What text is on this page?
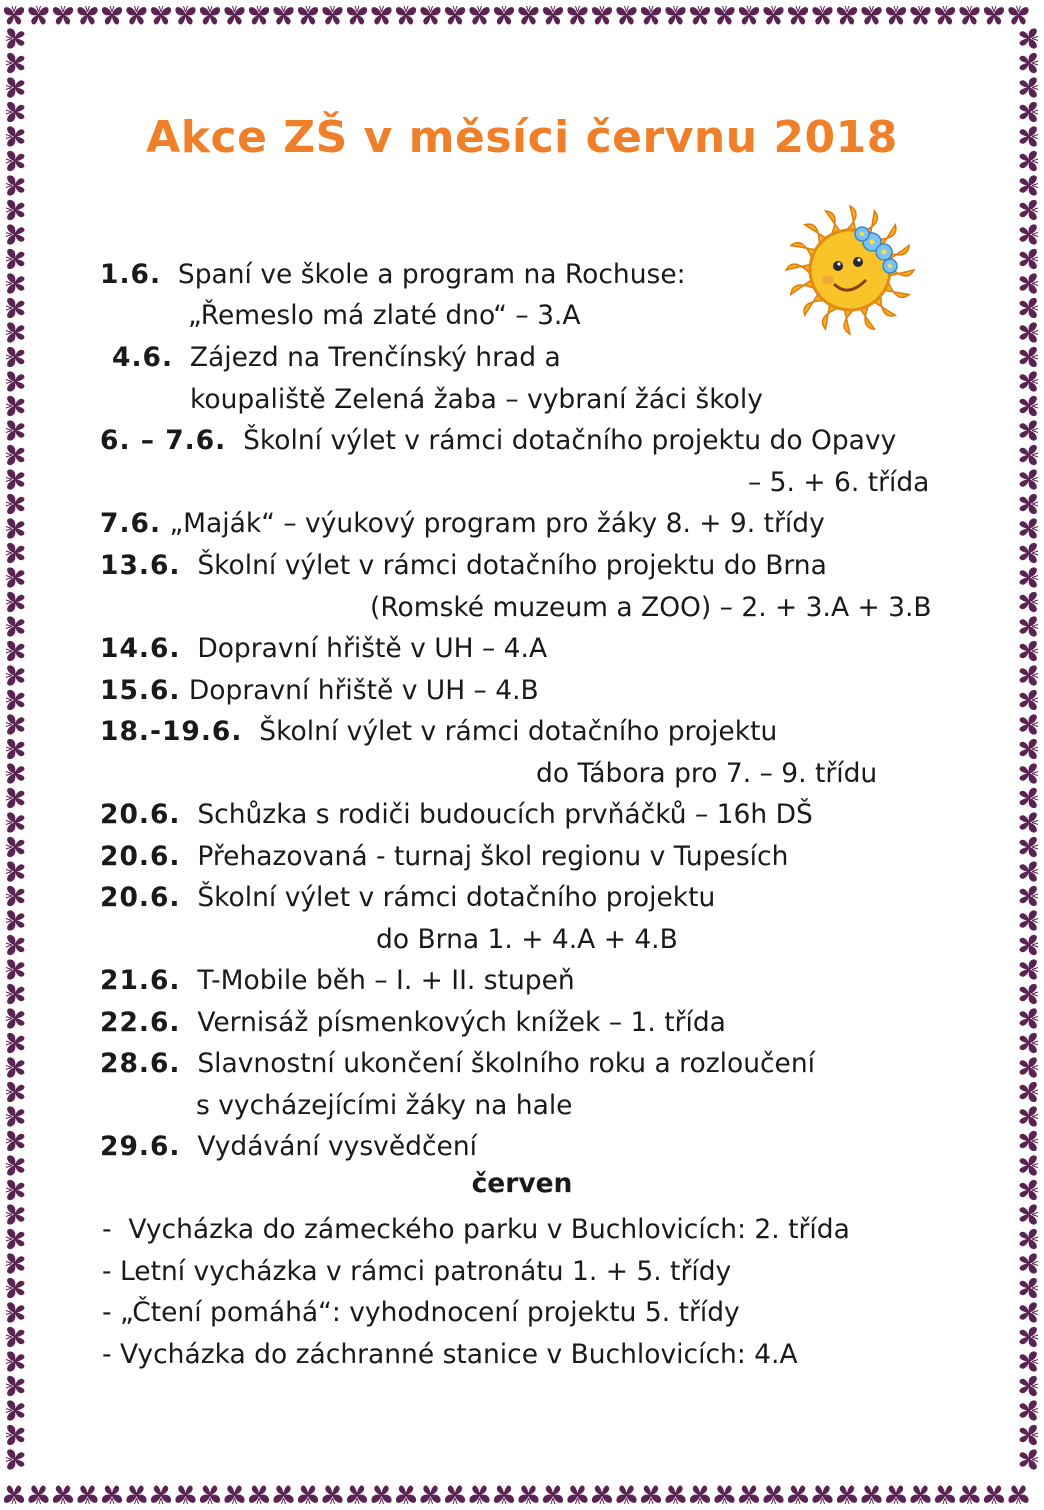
Akce ZŠ v měsíci červnu 2018
1.6. Spaní ve škole a program na Rochuse:
„Řemeslo má zlaté dno“ – 3.A
4.6. Zájezd na Trenčínský hrad a
koupaliště Zelená žaba – vybraní žáci školy
6. – 7.6. Školní výlet v rámci dotačního projektu do Opavy
– 5. + 6. třída
7.6. „Maják“ – výukový program pro žáky 8. + 9. třídy
13.6. Školní výlet v rámci dotačního projektu do Brna
(Romské muzeum a ZOO) – 2. + 3.A + 3.B
14.6. Dopravní hřiště v UH – 4.A
15.6. Dopravní hřiště v UH – 4.B
18.-19.6. Školní výlet v rámci dotačního projektu
do Tábora pro 7. – 9. třídu
20.6. Schůzka s rodiči budoucích prvňáčků – 16h DŠ
20.6. Přehazovaná - turnaj škol regionu v Tupesích
20.6. Školní výlet v rámci dotačního projektu
do Brna 1. + 4.A + 4.B
21.6. T-Mobile běh – I. + II. stupeň
22.6. Vernisáž písmenkových knížek – 1. třída
28.6. Slavnostní ukončení školního roku a rozloučení
s vycházejícími žáky na hale
29.6. Vydávání vysvědčení
červen
-  Vycházka do zámeckého parku v Buchlovicích: 2. třída
- Letní vycházka v rámci patronátu 1. + 5. třídy
- „Čtení pomáhá“: vyhodnocení projektu 5. třídy
- Vycházka do záchranné stanice v Buchlovicích: 4.A
